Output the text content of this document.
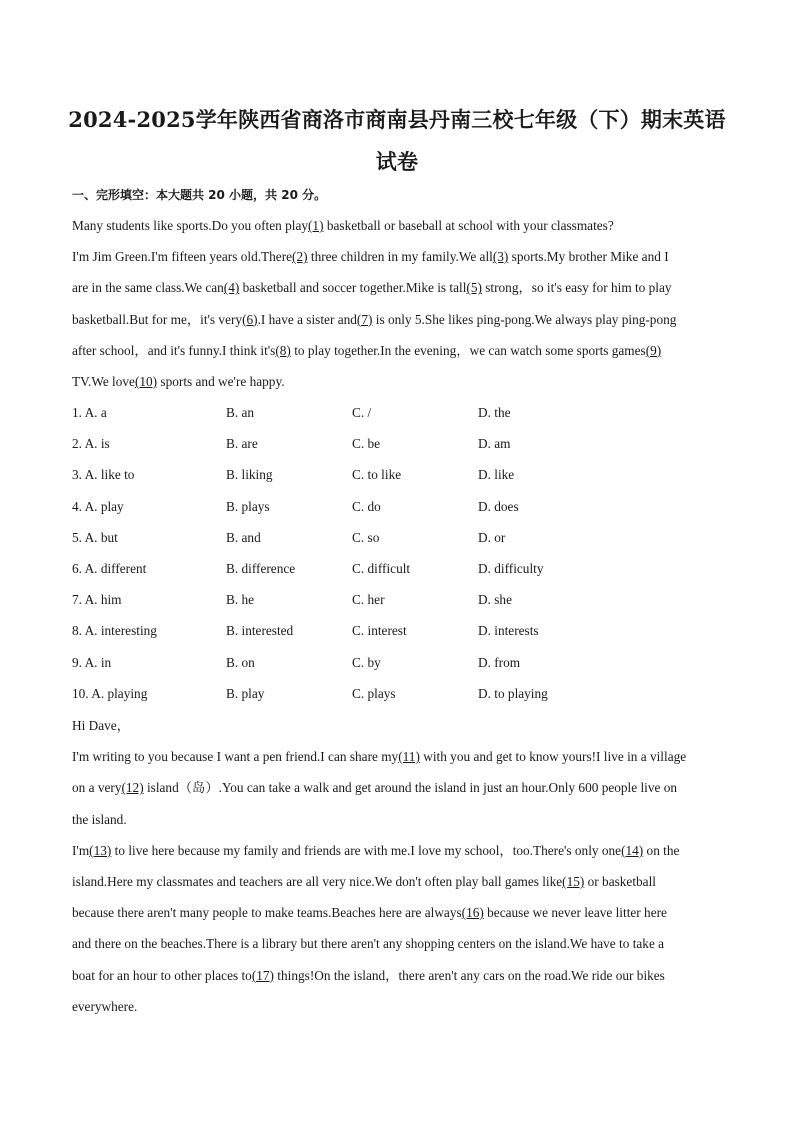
2024-2025学年陕西省商洛市商南县丹南三校七年级（下）期末英语
试卷

一、完形填空：本大题共 20 小题，共 20 分。

Many students like sports.Do you often play(1) basketball or baseball at school with your classmates?

I'm Jim Green.I'm fifteen years old.There(2) three children in my family.We all(3) sports.My brother Mike and I

are in the same class.We can(4) basketball and soccer together.Mike is tall(5) strong，so it's easy for him to play

basketball.But for me，it's very(6).I have a sister and(7) is only 5.She likes ping-pong.We always play ping-pong

after school，and it's funny.I think it's(8) to play together.In the evening，we can watch some sports games(9)

TV.We love(10) sports and we're happy.

1. A. a	B. an	C. /	D. the
2. A. is	B. are	C. be	D. am
3. A. like to	B. liking	C. to like	D. like
4. A. play	B. plays	C. do	D. does
5. A. but	B. and	C. so	D. or
6. A. different	B. difference	C. difficult	D. difficulty
7. A. him	B. he	C. her	D. she
8. A. interesting	B. interested	C. interest	D. interests
9. A. in	B. on	C. by	D. from
10. A. playing	B. play	C. plays	D. to playing

Hi Dave，

I'm writing to you because I want a pen friend.I can share my(11) with you and get to know yours!I live in a village

on a very(12) island（岛）.You can take a walk and get around the island in just an hour.Only 600 people live on

the island.

I'm(13) to live here because my family and friends are with me.I love my school，too.There's only one(14) on the

island.Here my classmates and teachers are all very nice.We don't often play ball games like(15) or basketball

because there aren't many people to make teams.Beaches here are always(16) because we never leave litter here

and there on the beaches.There is a library but there aren't any shopping centers on the island.We have to take a

boat for an hour to other places to(17) things!On the island，there aren't any cars on the road.We ride our bikes

everywhere.
